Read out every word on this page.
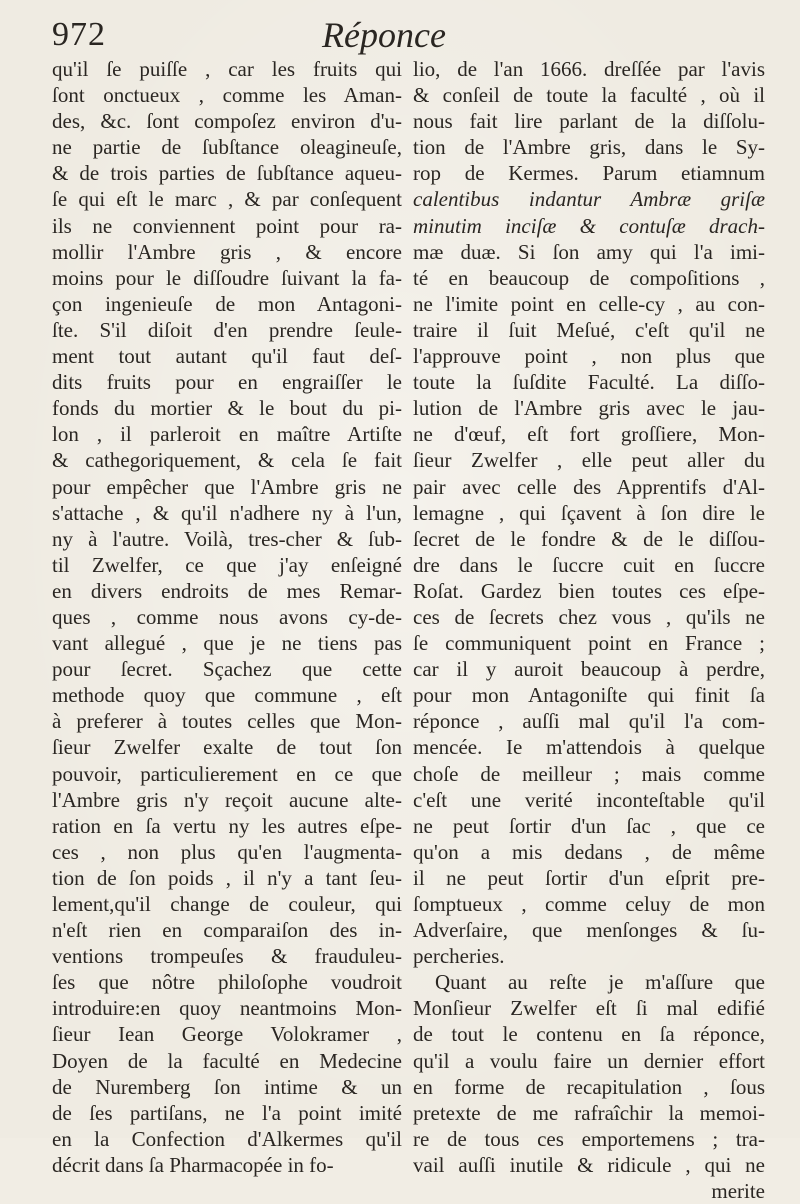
972	Réponce
qu'il ſe puiſſe , car les fruits qui
ſont onctueux , comme les Aman-
des, &c. ſont compoſez environ d'u-
ne partie de ſubſtance oleagineuſe,
& de trois parties de ſubſtance aqueu-
ſe qui eſt le marc , & par conſequent
ils ne conviennent point pour ra-
mollir l'Ambre gris , & encore
moins pour le diſſoudre ſuivant la fa-
çon ingenieuſe de mon Antagoni-
ſte. S'il diſoit d'en prendre ſeule-
ment tout autant qu'il faut deſ-
dits fruits pour en engraiſſer le
fonds du mortier & le bout du pi-
lon , il parleroit en maître Artiſte
& cathegoriquement, & cela ſe fait
pour empêcher que l'Ambre gris ne
s'attache , & qu'il n'adhere ny à l'un,
ny à l'autre. Voilà, tres-cher & ſub-
til Zwelfer, ce que j'ay enſeigné
en divers endroits de mes Remar-
ques , comme nous avons cy-de-
vant allegué , que je ne tiens pas
pour ſecret. Sçachez que cette
methode quoy que commune , eſt
à preferer à toutes celles que Mon-
ſieur Zwelfer exalte de tout ſon
pouvoir, particulierement en ce que
l'Ambre gris n'y reçoit aucune alte-
ration en ſa vertu ny les autres eſpe-
ces , non plus qu'en l'augmenta-
tion de ſon poids , il n'y a tant ſeu-
lement,qu'il change de couleur, qui
n'eſt rien en comparaiſon des in-
ventions trompeuſes & frauduleu-
ſes que nôtre philoſophe voudroit
introduire:en quoy neantmoins Mon-
ſieur Iean George Volokramer ,
Doyen de la faculté en Medecine
de Nuremberg ſon intime & un
de ſes partiſans, ne l'a point imité
en la Confection d'Alkermes qu'il
décrit dans ſa Pharmacopée in fo-
lio, de l'an 1666. dreſſée par l'avis
& conſeil de toute la faculté , où il
nous fait lire parlant de la diſſolu-
tion de l'Ambre gris, dans le Sy-
rop de Kermes. Parum etiamnum
calentibus indantur Ambræ griſæ
minutim inciſæ & contuſæ drach-
mæ duæ. Si ſon amy qui l'a imi-
té en beaucoup de compoſitions ,
ne l'imite point en celle-cy , au con-
traire il ſuit Meſué, c'eſt qu'il ne
l'approuve point , non plus que
toute la ſuſdite Faculté. La diſſo-
lution de l'Ambre gris avec le jau-
ne d'œuf, eſt fort groſſiere, Mon-
ſieur Zwelfer , elle peut aller du
pair avec celle des Apprentifs d'Al-
lemagne , qui ſçavent à ſon dire le
ſecret de le fondre & de le diſſou-
dre dans le ſuccre cuit en ſuccre
Roſat. Gardez bien toutes ces eſpe-
ces de ſecrets chez vous , qu'ils ne
ſe communiquent point en France ;
car il y auroit beaucoup à perdre,
pour mon Antagoniſte qui finit ſa
réponce , auſſi mal qu'il l'a com-
mencée. Ie m'attendois à quelque
choſe de meilleur ; mais comme
c'eſt une verité inconteſtable qu'il
ne peut ſortir d'un ſac , que ce
qu'on a mis dedans , de même
il ne peut ſortir d'un eſprit pre-
ſomptueux , comme celuy de mon
Adverſaire, que menſonges & ſu-
percheries.
Quant au reſte je m'aſſure que
Monſieur Zwelfer eſt ſi mal edifié
de tout le contenu en ſa réponce,
qu'il a voulu faire un dernier effort
en forme de recapitulation , ſous
pretexte de me rafraîchir la memoi-
re de tous ces emportemens ; tra-
vail auſſi inutile & ridicule , qui ne
merite
